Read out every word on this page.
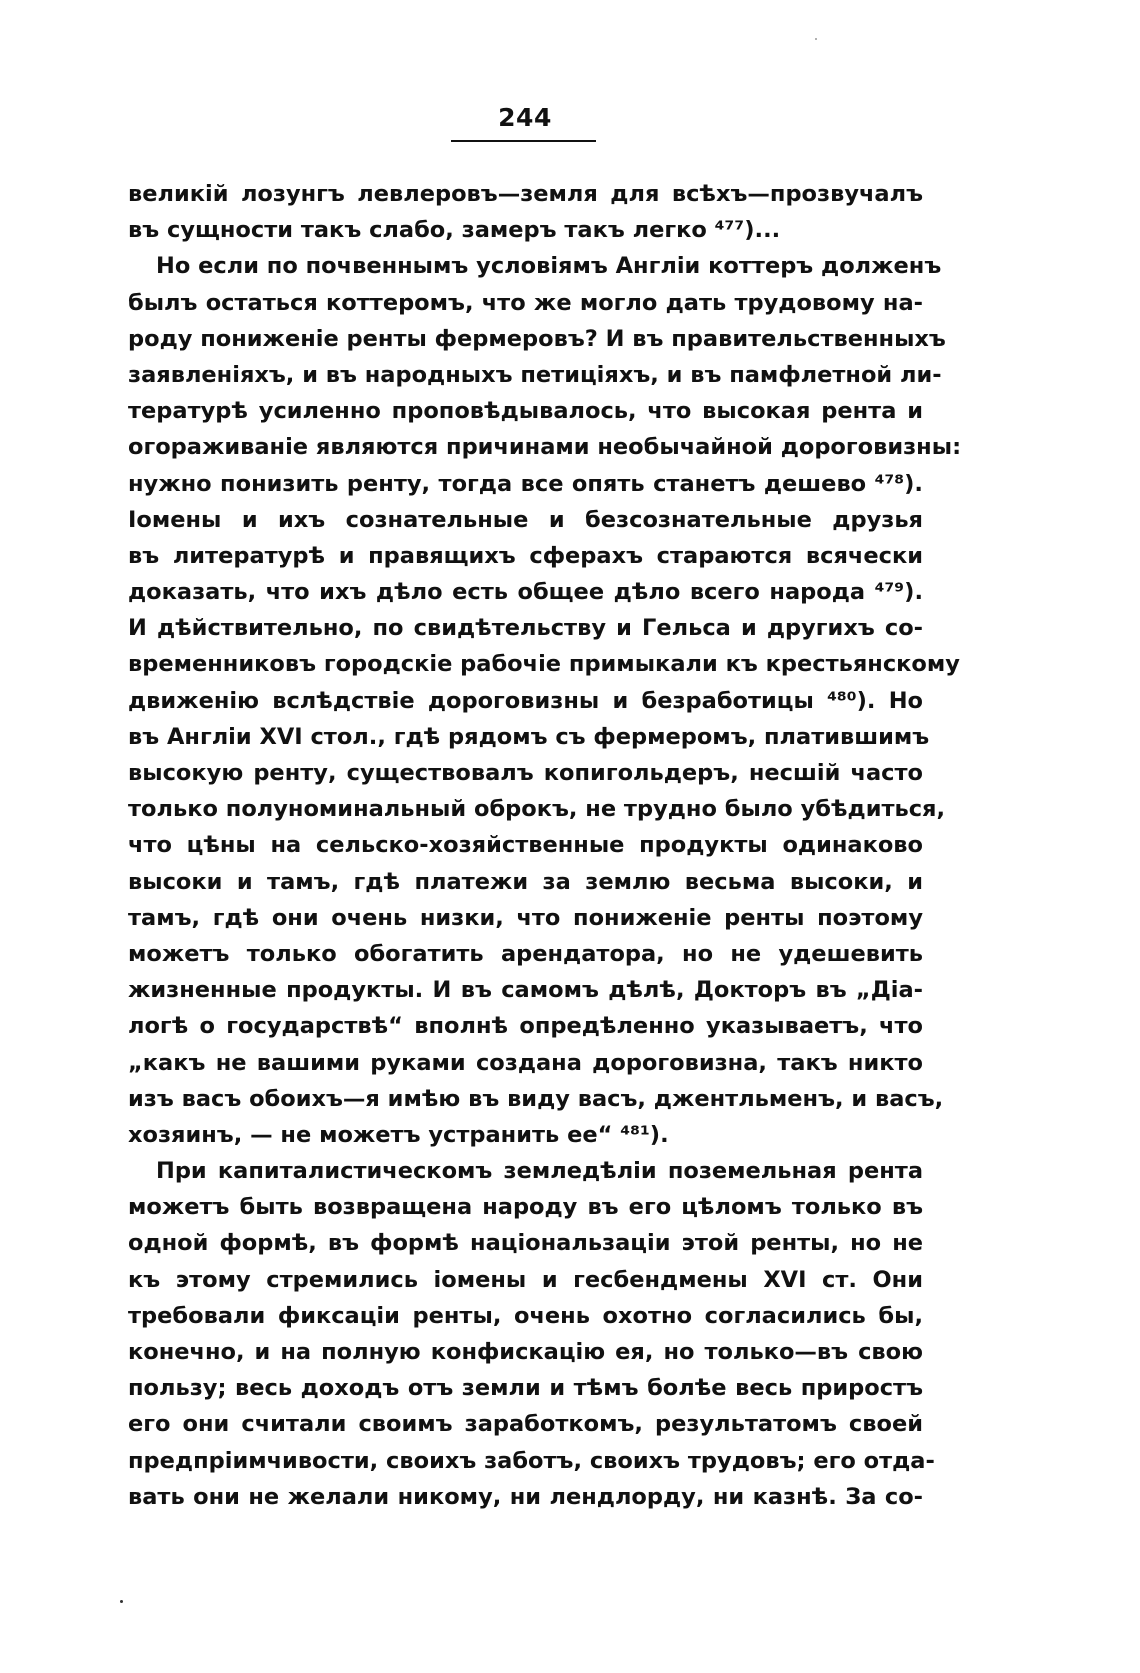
244
великій лозунгъ левлеровъ—земля для всѣхъ—прозвучалъ
въ сущности такъ слабо, замеръ такъ легко ⁴⁷⁷)...
Но если по почвеннымъ условіямъ Англіи коттеръ долженъ
былъ остаться коттеромъ, что же могло дать трудовому на-
роду пониженіе ренты фермеровъ? И въ правительственныхъ
заявленіяхъ, и въ народныхъ петиціяхъ, и въ памфлетной ли-
тературѣ усиленно проповѣдывалось, что высокая рента и
огораживаніе являются причинами необычайной дороговизны:
нужно понизить ренту, тогда все опять станетъ дешево ⁴⁷⁸).
Іомены и ихъ сознательные и безсознательные друзья
въ литературѣ и правящихъ сферахъ стараются всячески
доказать, что ихъ дѣло есть общее дѣло всего народа ⁴⁷⁹).
И дѣйствительно, по свидѣтельству и Гельса и другихъ со-
временниковъ городскіе рабочіе примыкали къ крестьянскому
движенію вслѣдствіе дороговизны и безработицы ⁴⁸⁰). Но
въ Англіи XVI стол., гдѣ рядомъ съ фермеромъ, платившимъ
высокую ренту, существовалъ копигольдеръ, несшій часто
только полуноминальный оброкъ, не трудно было убѣдиться,
что цѣны на сельско-хозяйственные продукты одинаково
высоки и тамъ, гдѣ платежи за землю весьма высоки, и
тамъ, гдѣ они очень низки, что пониженіе ренты поэтому
можетъ только обогатить арендатора, но не удешевить
жизненные продукты. И въ самомъ дѣлѣ, Докторъ въ „Діа-
логѣ о государствѣ“ вполнѣ опредѣленно указываетъ, что
„какъ не вашими руками создана дороговизна, такъ никто
изъ васъ обоихъ—я имѣю въ виду васъ, джентльменъ, и васъ,
хозяинъ, — не можетъ устранить ее“ ⁴⁸¹).
При капиталистическомъ земледѣліи поземельная рента
можетъ быть возвращена народу въ его цѣломъ только въ
одной формѣ, въ формѣ національзаціи этой ренты, но не
къ этому стремились іомены и гесбендмены XVI ст. Они
требовали фиксаціи ренты, очень охотно согласились бы,
конечно, и на полную конфискацію ея, но только—въ свою
пользу; весь доходъ отъ земли и тѣмъ болѣе весь приростъ
его они считали своимъ заработкомъ, результатомъ своей
предпріимчивости, своихъ заботъ, своихъ трудовъ; его отда-
вать они не желали никому, ни лендлорду, ни казнѣ. За со-
